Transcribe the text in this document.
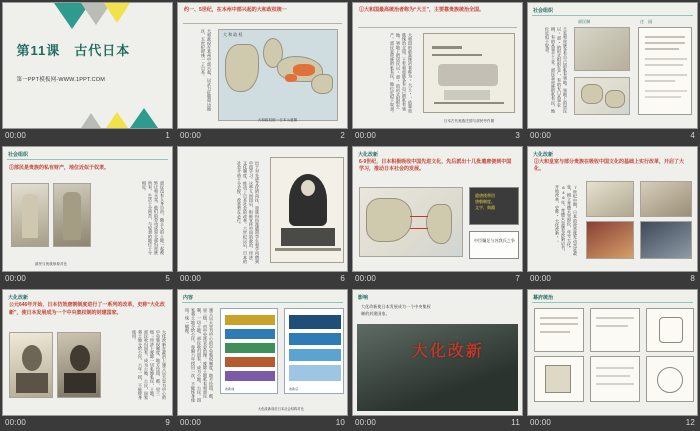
第11课　古代日本
第一PPT模板网-WWW.1PPT.COM
00:00	1
约一、5世纪，在本州中部兴起的大和政权统一
大和政权在本州中部兴起，以武力征服周边地区，五世纪时统一了日本。	大 和 政 权
大和政权统一日本示意图
00:00	2
①大和国最高统治者称为“大王”，主要靠贵族统治全国。
大和国的最高统治者称为“大王”，依靠贵族统治全国。王室和贵族各有自己的私有领地。领地上的居民以“部”的形式组织生产。部民是贵族的私有民，地位近似于奴隶。
日本古代贵族庄园与部民劳作图
00:00	3
社会组织
部民制	庄　园
王室和贵族各有自己的私有领地。领地上的居民以“部”的形式组织生产，有的专门从事农耕，有的从事手工业。部民是贵族的私有民，地位近似于奴隶。
00:00	4
社会组织
②部民是贵族的私有财产，地位近似于奴隶。
部民没有人身自由，随主人的土地一起被转让和买卖。他们的劳动成果全部归贵族所有，生活十分困苦，与奴隶的地位十分相近。
部民与贵族形象对比
00:00	5
出于对先进文化的向往，贵族纷纷派遣留学生和学问僧到中国学习。这些人回国后，积极宣传中国的政治、经济、文化制度，推动了日本社会的改革。六世纪以后，日本的社会矛盾十分尖锐，改革势在必行。
00:00	6
大化改新
6-9世纪，日本积极吸收中国先进文化，先后派出十几批遣唐使到中国学习，推动日本社会的发展。
遣唐使带回
唐朝制度、
文字、典籍
中臣镰足与苏我氏之争
00:00	7
大化改新
②大和皇室与部分贵族在吸收中国文化的基础上实行改革，开启了大化。
7世纪中期，日本的改革派发动宫廷政变，拥立孝德天皇即位，年号大化。646年，孝德天皇颁布改新诏书，开始改革，史称“大化改新”。
00:00	8
大化改新
公元646年开始，日本仿效唐朝制度进行了一系列的改革，史称“大化改新”，使日本发展成为一个中央集权制的封建国家。
大化改新在政治上建立以天皇为中心的中央集权制度，地方设国、郡、里三级；经济上废除一切私地私民，土地、部民收归国有，成为公地、公民，国家将土地分给公民，六年一授，不能终身使用。
00:00	9
内容
建立以天皇为中心的中央集权制度，地方设国、郡、里三级，由中央派官吏治理。废除土地私有和部民制，一切土地、部民收归国有，成为公地、公民。国家将土地分给公民，每隔六年授田一次，不能终身使用。统一赋税。
改新前	改新后
大化改新前后日本社会结构对比
00:00	10
影响
大化改新使日本发展成为一个中央集权制的封建国家。
大化改新
00:00	11
幕府统治
00:00	12
